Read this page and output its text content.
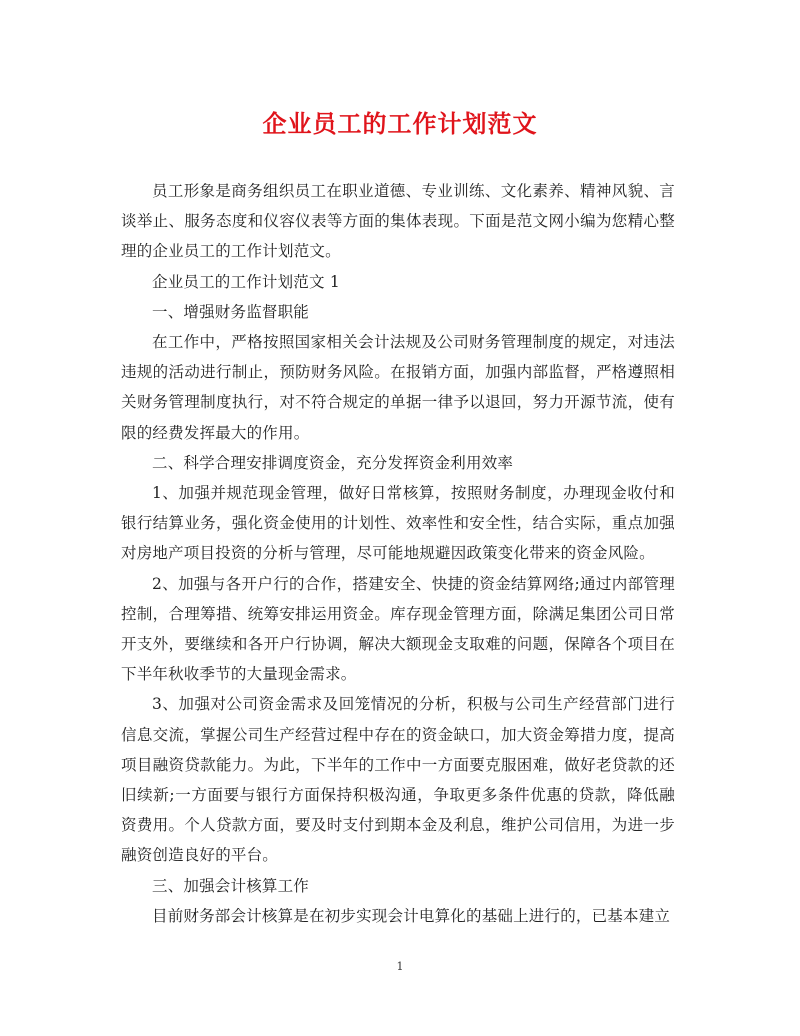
企业员工的工作计划范文

员工形象是商务组织员工在职业道德、专业训练、文化素养、精神风貌、言谈举止、服务态度和仪容仪表等方面的集体表现。下面是范文网小编为您精心整理的企业员工的工作计划范文。

企业员工的工作计划范文 1

一、增强财务监督职能

在工作中，严格按照国家相关会计法规及公司财务管理制度的规定，对违法违规的活动进行制止，预防财务风险。在报销方面，加强内部监督，严格遵照相关财务管理制度执行，对不符合规定的单据一律予以退回，努力开源节流，使有限的经费发挥最大的作用。

二、科学合理安排调度资金，充分发挥资金利用效率

1、加强并规范现金管理，做好日常核算，按照财务制度，办理现金收付和银行结算业务，强化资金使用的计划性、效率性和安全性，结合实际，重点加强对房地产项目投资的分析与管理，尽可能地规避因政策变化带来的资金风险。

2、加强与各开户行的合作，搭建安全、快捷的资金结算网络;通过内部管理控制，合理筹措、统筹安排运用资金。库存现金管理方面，除满足集团公司日常开支外，要继续和各开户行协调，解决大额现金支取难的问题，保障各个项目在下半年秋收季节的大量现金需求。

3、加强对公司资金需求及回笼情况的分析，积极与公司生产经营部门进行信息交流，掌握公司生产经营过程中存在的资金缺口，加大资金筹措力度，提高项目融资贷款能力。为此，下半年的工作中一方面要克服困难，做好老贷款的还旧续新;一方面要与银行方面保持积极沟通，争取更多条件优惠的贷款，降低融资费用。个人贷款方面，要及时支付到期本金及利息，维护公司信用，为进一步融资创造良好的平台。

三、加强会计核算工作

目前财务部会计核算是在初步实现会计电算化的基础上进行的，已基本建立

1
